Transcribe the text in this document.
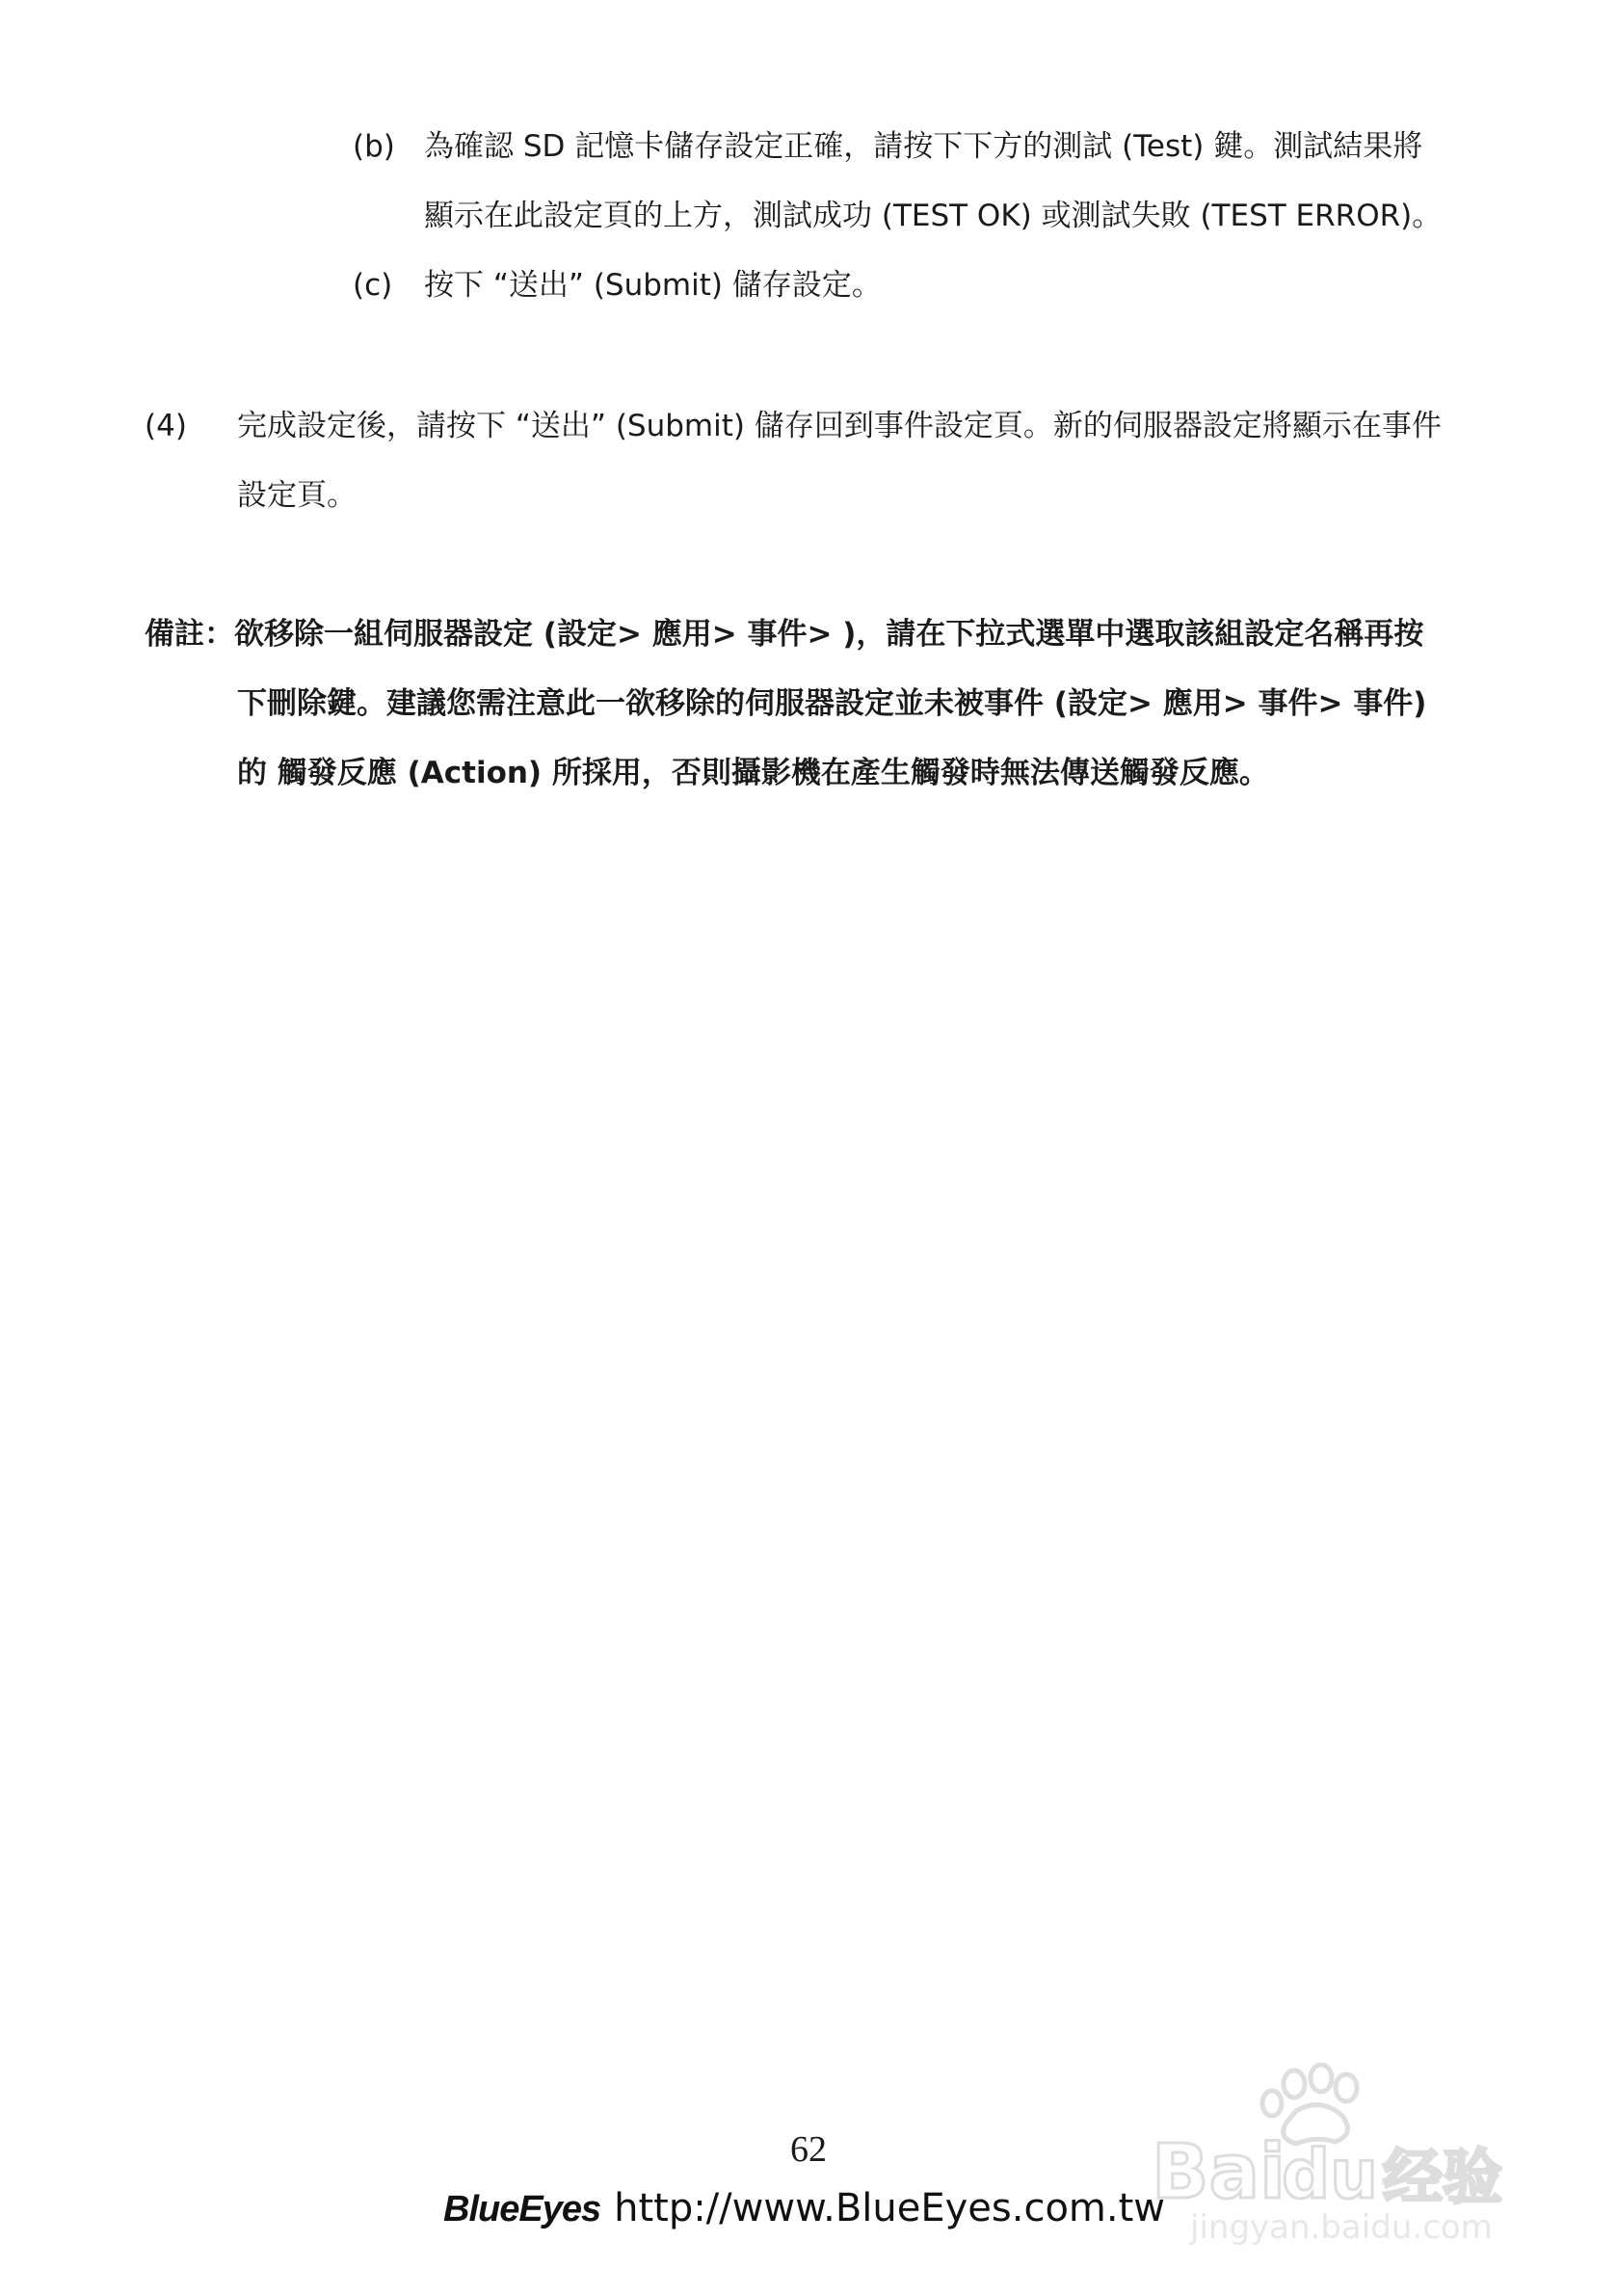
(b) 為確認 SD 記憶卡儲存設定正確，請按下下方的測試 (Test) 鍵。測試結果將
顯示在此設定頁的上方，測試成功 (TEST OK) 或測試失敗 (TEST ERROR)。
(c) 按下 “送出” (Submit) 儲存設定。
(4) 完成設定後，請按下 “送出” (Submit) 儲存回到事件設定頁。新的伺服器設定將顯示在事件
設定頁。
備註：欲移除一組伺服器設定 (設定> 應用> 事件> )，請在下拉式選單中選取該組設定名稱再按
下刪除鍵。建議您需注意此一欲移除的伺服器設定並未被事件 (設定> 應用> 事件> 事件)
的 觸發反應 (Action) 所採用，否則攝影機在產生觸發時無法傳送觸發反應。
62
BlueEyes http://www.BlueEyes.com.tw
Bai
du 经验
jingyan.baidu.com
